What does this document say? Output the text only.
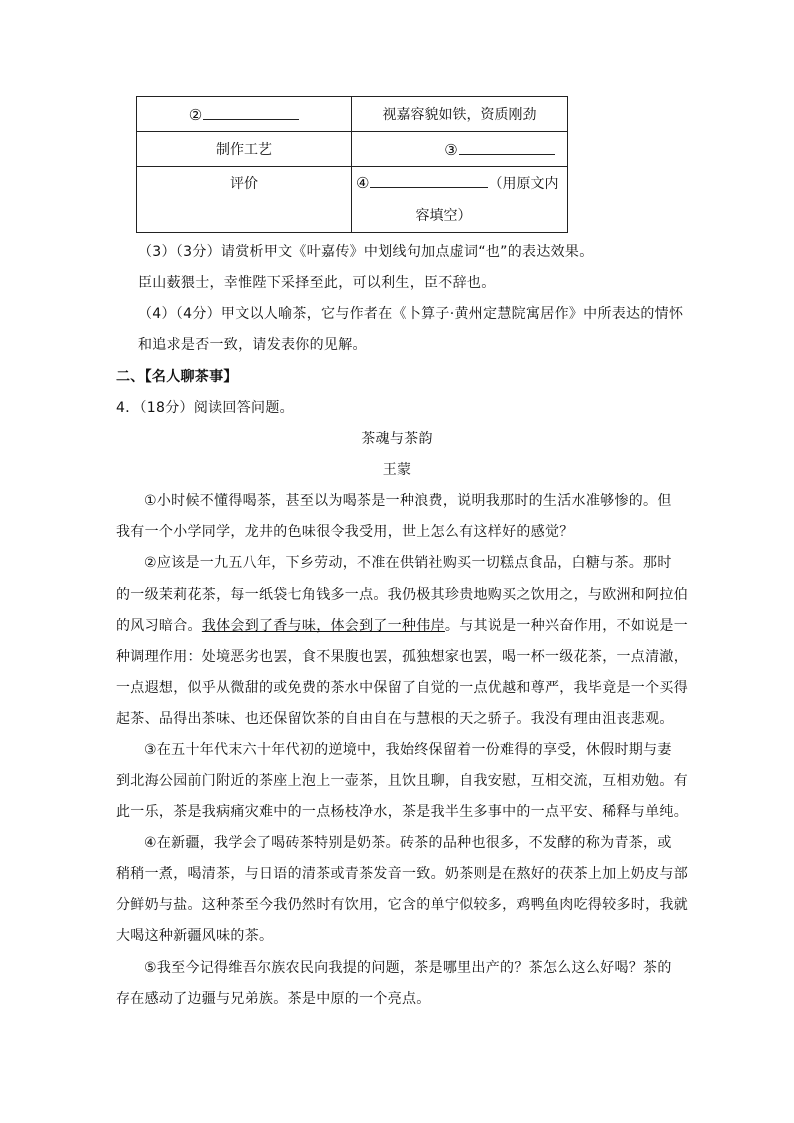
②	视嘉容貌如铁，资质刚劲
制作工艺	③
评价	④ （用原文内
容填空）
（3）（3分）请赏析甲文《叶嘉传》中划线句加点虚词“也”的表达效果。
臣山薮猥士，幸惟陛下采择至此，可以利生，臣不辞也。
（4）（4分）甲文以人喻茶，它与作者在《卜算子·黄州定慧院寓居作》中所表达的情怀
和追求是否一致，请发表你的见解。
二、【名人聊茶事】
4．（18分）阅读回答问题。
茶魂与茶韵
王蒙
①小时候不懂得喝茶，甚至以为喝茶是一种浪费，说明我那时的生活水准够惨的。但
我有一个小学同学，龙井的色味很令我受用，世上怎么有这样好的感觉？
②应该是一九五八年，下乡劳动，不准在供销社购买一切糕点食品，白糖与茶。那时
的一级茉莉花茶，每一纸袋七角钱多一点。我仍极其珍贵地购买之饮用之，与欧洲和阿拉伯
的风习暗合。我体会到了香与味，体会到了一种伟岸。与其说是一种兴奋作用，不如说是一
种调理作用：处境恶劣也罢，食不果腹也罢，孤独想家也罢，喝一杯一级花茶，一点清澈，
一点遐想，似乎从微甜的或免费的茶水中保留了自觉的一点优越和尊严，我毕竟是一个买得
起茶、品得出茶味、也还保留饮茶的自由自在与慧根的天之骄子。我没有理由沮丧悲观。
③在五十年代末六十年代初的逆境中，我始终保留着一份难得的享受，休假时期与妻
到北海公园前门附近的茶座上泡上一壶茶，且饮且聊，自我安慰，互相交流，互相劝勉。有
此一乐，茶是我病痛灾难中的一点杨枝净水，茶是我半生多事中的一点平安、稀释与单纯。
④在新疆，我学会了喝砖茶特别是奶茶。砖茶的品种也很多，不发酵的称为青茶，或
稍稍一煮，喝清茶，与日语的清茶或青茶发音一致。奶茶则是在熬好的茯茶上加上奶皮与部
分鲜奶与盐。这种茶至今我仍然时有饮用，它含的单宁似较多，鸡鸭鱼肉吃得较多时，我就
大喝这种新疆风味的茶。
⑤我至今记得维吾尔族农民向我提的问题，茶是哪里出产的？茶怎么这么好喝？茶的
存在感动了边疆与兄弟族。茶是中原的一个亮点。
